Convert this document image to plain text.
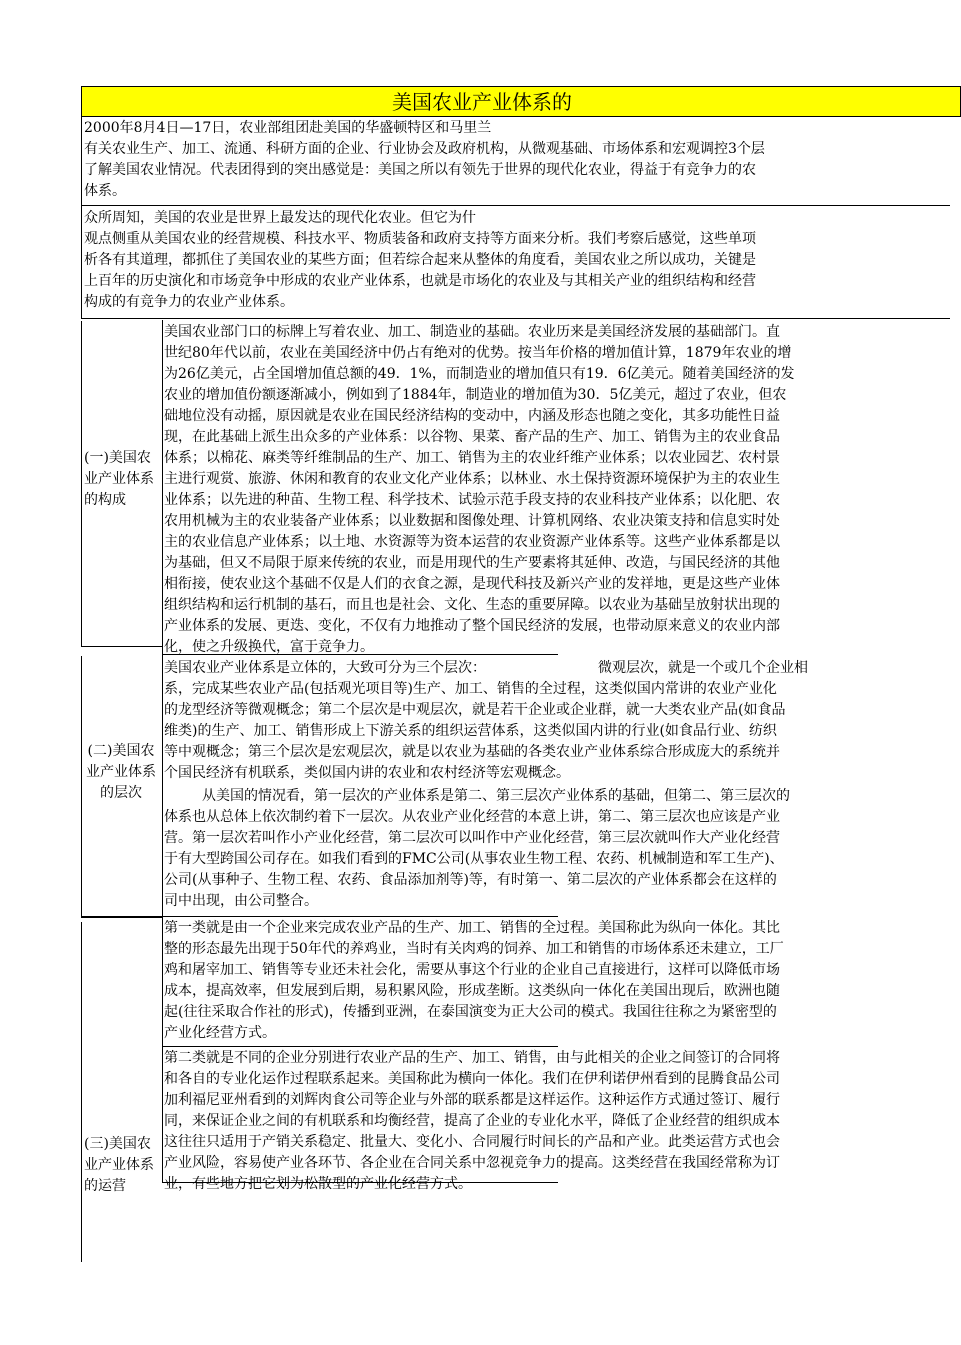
美国农业产业体系的
2000年8月4日—17日，农业部组团赴美国的华盛顿特区和马里兰
有关农业生产、加工、流通、科研方面的企业、行业协会及政府机构，从微观基础、市场体系和宏观调控3个层
了解美国农业情况。代表团得到的突出感觉是：美国之所以有领先于世界的现代化农业，得益于有竞争力的农
体系。
众所周知，美国的农业是世界上最发达的现代化农业。但它为什
观点侧重从美国农业的经营规模、科技水平、物质装备和政府支持等方面来分析。我们考察后感觉，这些单项
析各有其道理，都抓住了美国农业的某些方面；但若综合起来从整体的角度看，美国农业之所以成功，关键是
上百年的历史演化和市场竞争中形成的农业产业体系，也就是市场化的农业及与其相关产业的组织结构和经营
构成的有竞争力的农业产业体系。
(一)美国农业产业体系的构成
美国农业部门口的标牌上写着农业、加工、制造业的基础。农业历来是美国经济发展的基础部门。直
世纪80年代以前，农业在美国经济中仍占有绝对的优势。按当年价格的增加值计算，1879年农业的增
为26亿美元，占全国增加值总额的49．1%，而制造业的增加值只有19．6亿美元。随着美国经济的发
农业的增加值份额逐渐减小，例如到了1884年，制造业的增加值为30．5亿美元，超过了农业，但农
础地位没有动摇，原因就是农业在国民经济结构的变动中，内涵及形态也随之变化，其多功能性日益
现，在此基础上派生出众多的产业体系：以谷物、果菜、畜产品的生产、加工、销售为主的农业食品
体系；以棉花、麻类等纤维制品的生产、加工、销售为主的农业纤维产业体系；以农业园艺、农村景
主进行观赏、旅游、休闲和教育的农业文化产业体系；以林业、水土保持资源环境保护为主的农业生
业体系；以先进的种苗、生物工程、科学技术、试验示范手段支持的农业科技产业体系；以化肥、农
农用机械为主的农业装备产业体系；以业数据和图像处理、计算机网络、农业决策支持和信息实时处
主的农业信息产业体系；以土地、水资源等为资本运营的农业资源产业体系等。这些产业体系都是以
为基础，但又不局限于原来传统的农业，而是用现代的生产要素将其延伸、改造，与国民经济的其他
相衔接，使农业这个基础不仅是人们的衣食之源，是现代科技及新兴产业的发祥地，更是这些产业体
组织结构和运行机制的基石，而且也是社会、文化、生态的重要屏障。以农业为基础呈放射状出现的
产业体系的发展、更迭、变化，不仅有力地推动了整个国民经济的发展，也带动原来意义的农业内部
化，使之升级换代，富于竞争力。
(二)美国农业产业体系的层次
美国农业产业体系是立体的，大致可分为三个层次：	微观层次，就是一个或几个企业相
系，完成某些农业产品(包括观光项目等)生产、加工、销售的全过程，这类似国内常讲的农业产业化
的龙型经济等微观概念；第二个层次是中观层次，就是若干企业或企业群，就一大类农业产品(如食品
维类)的生产、加工、销售形成上下游关系的组织运营体系，这类似国内讲的行业(如食品行业、纺织
等中观概念；第三个层次是宏观层次，就是以农业为基础的各类农业产业体系综合形成庞大的系统并
个国民经济有机联系，类似国内讲的农业和农村经济等宏观概念。
从美国的情况看，第一层次的产业体系是第二、第三层次产业体系的基础，但第二、第三层次的
体系也从总体上依次制约着下一层次。从农业产业化经营的本意上讲，第二、第三层次也应该是产业
营。第一层次若叫作小产业化经营，第二层次可以叫作中产业化经营，第三层次就叫作大产业化经营
于有大型跨国公司存在。如我们看到的FMC公司(从事农业生物工程、农药、机械制造和军工生产)、
公司(从事种子、生物工程、农药、食品添加剂等)等，有时第一、第二层次的产业体系都会在这样的
司中出现，由公司整合。
(三)美国农业产业体系的运营
第一类就是由一个企业来完成农业产品的生产、加工、销售的全过程。美国称此为纵向一体化。其比
整的形态最先出现于50年代的养鸡业，当时有关肉鸡的饲养、加工和销售的市场体系还未建立，工厂
鸡和屠宰加工、销售等专业还未社会化，需要从事这个行业的企业自己直接进行，这样可以降低市场
成本，提高效率，但发展到后期，易积累风险，形成垄断。这类纵向一体化在美国出现后，欧洲也随
起(往往采取合作社的形式)，传播到亚洲，在泰国演变为正大公司的模式。我国往往称之为紧密型的
产业化经营方式。
第二类就是不同的企业分别进行农业产品的生产、加工、销售，由与此相关的企业之间签订的合同将
和各自的专业化运作过程联系起来。美国称此为横向一体化。我们在伊利诺伊州看到的昆腾食品公司
加利福尼亚州看到的刘辉肉食公司等企业与外部的联系都是这样运作。这种运作方式通过签订、履行
同，来保证企业之间的有机联系和均衡经营，提高了企业的专业化水平，降低了企业经营的组织成本
这往往只适用于产销关系稳定、批量大、变化小、合同履行时间长的产品和产业。此类运营方式也会
产业风险，容易使产业各环节、各企业在合同关系中忽视竞争力的提高。这类经营在我国经常称为订
业，有些地方把它划为松散型的产业化经营方式。
